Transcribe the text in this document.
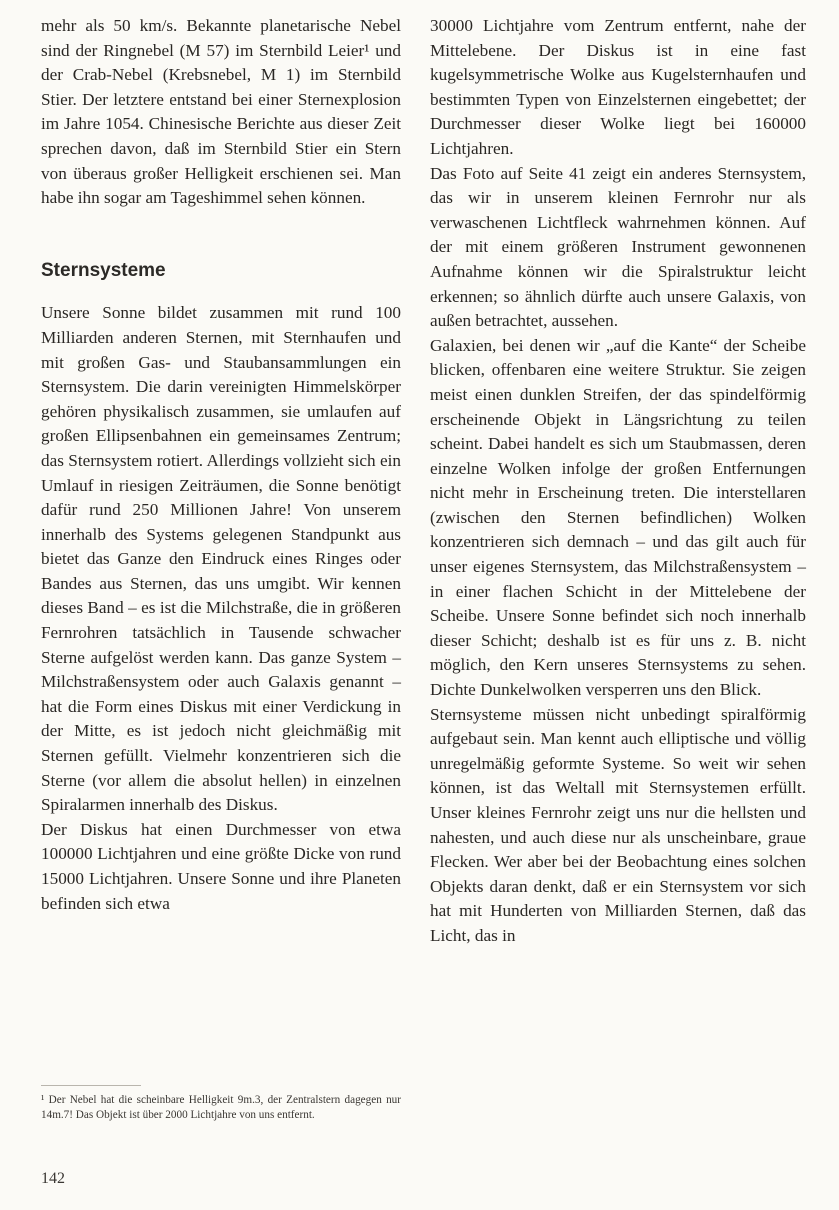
mehr als 50 km/s. Bekannte planetarische Nebel sind der Ringnebel (M 57) im Sternbild Leier¹ und der Crab-Nebel (Krebsnebel, M 1) im Sternbild Stier. Der letztere entstand bei einer Sternexplosion im Jahre 1054. Chinesische Berichte aus dieser Zeit sprechen davon, daß im Sternbild Stier ein Stern von überaus großer Helligkeit erschienen sei. Man habe ihn sogar am Tageshimmel sehen können.

Sternsysteme

Unsere Sonne bildet zusammen mit rund 100 Milliarden anderen Sternen, mit Sternhaufen und mit großen Gas- und Staubansammlungen ein Sternsystem. Die darin vereinigten Himmelskörper gehören physikalisch zusammen, sie umlaufen auf großen Ellipsenbahnen ein gemeinsames Zentrum; das Sternsystem rotiert. Allerdings vollzieht sich ein Umlauf in riesigen Zeiträumen, die Sonne benötigt dafür rund 250 Millionen Jahre! Von unserem innerhalb des Systems gelegenen Standpunkt aus bietet das Ganze den Eindruck eines Ringes oder Bandes aus Sternen, das uns umgibt. Wir kennen dieses Band – es ist die Milchstraße, die in größeren Fernrohren tatsächlich in Tausende schwacher Sterne aufgelöst werden kann. Das ganze System – Milchstraßensystem oder auch Galaxis genannt – hat die Form eines Diskus mit einer Verdickung in der Mitte, es ist jedoch nicht gleichmäßig mit Sternen gefüllt. Vielmehr konzentrieren sich die Sterne (vor allem die absolut hellen) in einzelnen Spiralarmen innerhalb des Diskus.

Der Diskus hat einen Durchmesser von etwa 100000 Lichtjahren und eine größte Dicke von rund 15000 Lichtjahren. Unsere Sonne und ihre Planeten befinden sich etwa

30000 Lichtjahre vom Zentrum entfernt, nahe der Mittelebene. Der Diskus ist in eine fast kugelsymmetrische Wolke aus Kugelsternhaufen und bestimmten Typen von Einzelsternen eingebettet; der Durchmesser dieser Wolke liegt bei 160000 Lichtjahren.

Das Foto auf Seite 41 zeigt ein anderes Sternsystem, das wir in unserem kleinen Fernrohr nur als verwaschenen Lichtfleck wahrnehmen können. Auf der mit einem größeren Instrument gewonnenen Aufnahme können wir die Spiralstruktur leicht erkennen; so ähnlich dürfte auch unsere Galaxis, von außen betrachtet, aussehen.

Galaxien, bei denen wir „auf die Kante“ der Scheibe blicken, offenbaren eine weitere Struktur. Sie zeigen meist einen dunklen Streifen, der das spindelförmig erscheinende Objekt in Längsrichtung zu teilen scheint. Dabei handelt es sich um Staubmassen, deren einzelne Wolken infolge der großen Entfernungen nicht mehr in Erscheinung treten. Die interstellaren (zwischen den Sternen befindlichen) Wolken konzentrieren sich demnach – und das gilt auch für unser eigenes Sternsystem, das Milchstraßensystem – in einer flachen Schicht in der Mittelebene der Scheibe. Unsere Sonne befindet sich noch innerhalb dieser Schicht; deshalb ist es für uns z. B. nicht möglich, den Kern unseres Sternsystems zu sehen. Dichte Dunkelwolken versperren uns den Blick.

Sternsysteme müssen nicht unbedingt spiralförmig aufgebaut sein. Man kennt auch elliptische und völlig unregelmäßig geformte Systeme. So weit wir sehen können, ist das Weltall mit Sternsystemen erfüllt. Unser kleines Fernrohr zeigt uns nur die hellsten und nahesten, und auch diese nur als unscheinbare, graue Flecken. Wer aber bei der Beobachtung eines solchen Objekts daran denkt, daß er ein Sternsystem vor sich hat mit Hunderten von Milliarden Sternen, daß das Licht, das in

¹ Der Nebel hat die scheinbare Helligkeit 9m.3, der Zentralstern dagegen nur 14m.7! Das Objekt ist über 2000 Lichtjahre von uns entfernt.
142
